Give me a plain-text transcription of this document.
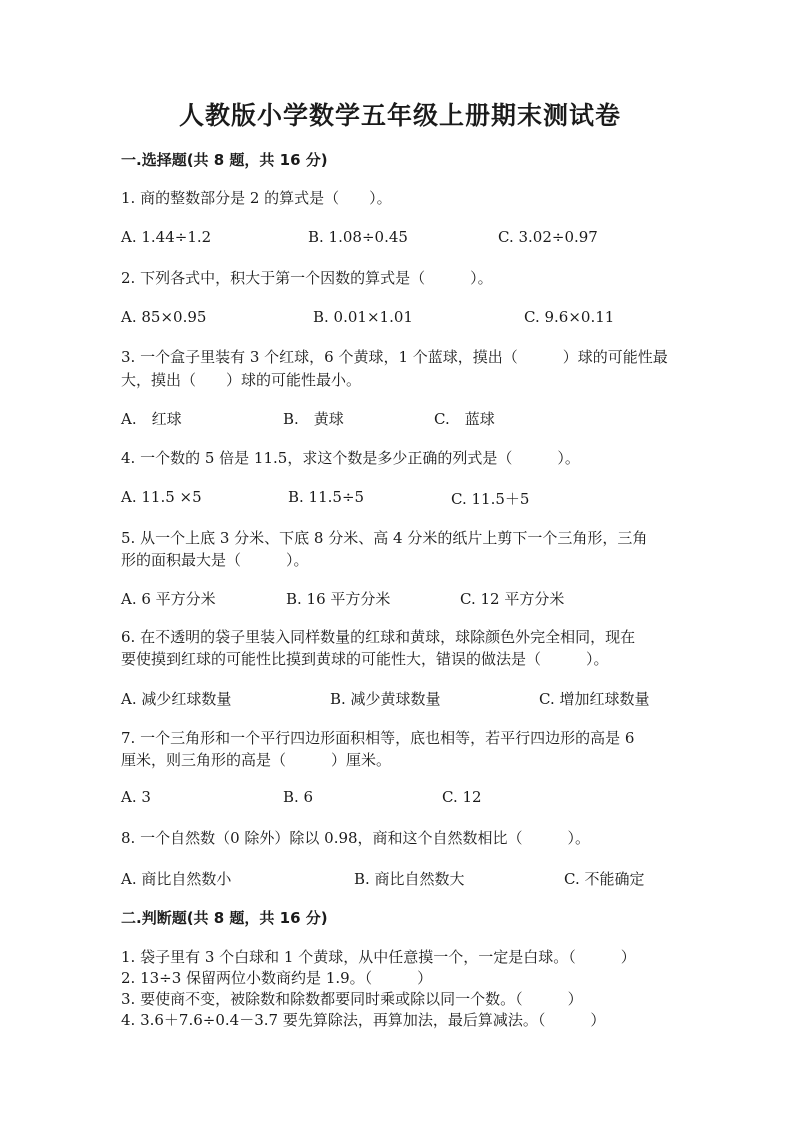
人教版小学数学五年级上册期末测试卷
一.选择题(共 8 题，共 16 分)
1. 商的整数部分是 2 的算式是（　　）。
A. 1.44÷1.2	B. 1.08÷0.45	C. 3.02÷0.97
2. 下列各式中，积大于第一个因数的算式是（　　　）。
A. 85×0.95	B. 0.01×1.01	C. 9.6×0.11
3. 一个盒子里装有 3 个红球，6 个黄球，1 个蓝球，摸出（　　　）球的可能性最
大，摸出（　　）球的可能性最小。
A.　红球	B.　黄球	C.　蓝球
4. 一个数的 5 倍是 11.5，求这个数是多少正确的列式是（　　　）。
A. 11.5 ×5	B. 11.5÷5	C. 11.5＋5
5. 从一个上底 3 分米、下底 8 分米、高 4 分米的纸片上剪下一个三角形，三角
形的面积最大是（　　　）。
A. 6 平方分米	B. 16 平方分米	C. 12 平方分米
6. 在不透明的袋子里装入同样数量的红球和黄球，球除颜色外完全相同，现在
要使摸到红球的可能性比摸到黄球的可能性大，错误的做法是（　　　）。
A. 减少红球数量	B. 减少黄球数量	C. 增加红球数量
7. 一个三角形和一个平行四边形面积相等，底也相等，若平行四边形的高是 6
厘米，则三角形的高是（　　　）厘米。
A. 3	B. 6	C. 12
8. 一个自然数（0 除外）除以 0.98，商和这个自然数相比（　　　）。
A. 商比自然数小	B. 商比自然数大	C. 不能确定
二.判断题(共 8 题，共 16 分)
1. 袋子里有 3 个白球和 1 个黄球，从中任意摸一个，一定是白球。（　　　）
2. 13÷3 保留两位小数商约是 1.9。（　　　）
3. 要使商不变，被除数和除数都要同时乘或除以同一个数。（　　　）
4. 3.6＋7.6÷0.4－3.7 要先算除法，再算加法，最后算减法。（　　　）
